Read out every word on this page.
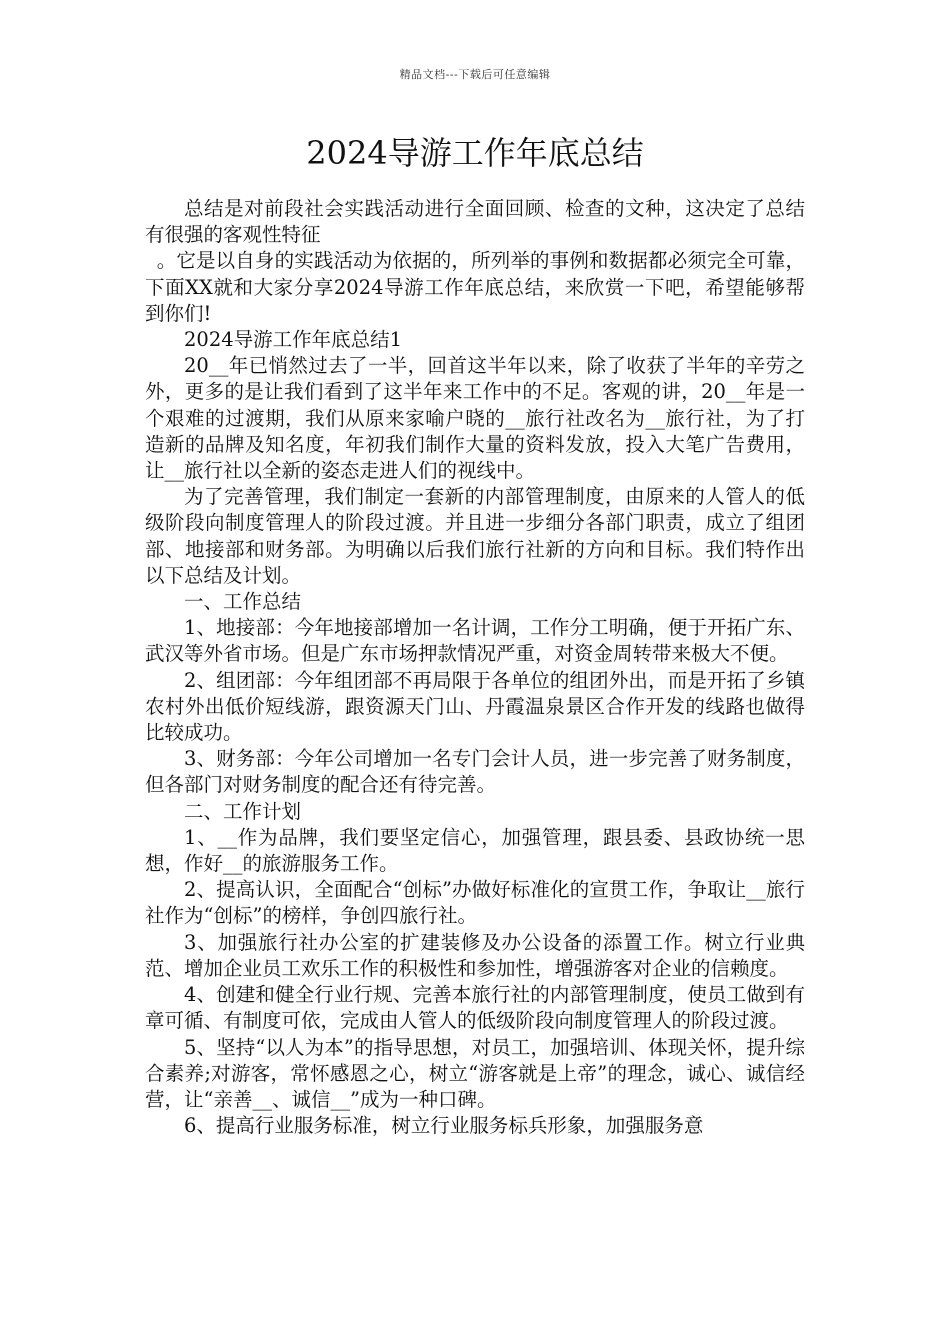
精品文档---下载后可任意编辑
2024导游工作年底总结

总结是对前段社会实践活动进行全面回顾、检查的文种，这决定了总结有很强的客观性特征

。它是以自身的实践活动为依据的，所列举的事例和数据都必须完全可靠，下面XX就和大家分享2024导游工作年底总结，来欣赏一下吧，希望能够帮到你们!

2024导游工作年底总结1

20__年已悄然过去了一半，回首这半年以来，除了收获了半年的辛劳之外，更多的是让我们看到了这半年来工作中的不足。客观的讲，20__年是一个艰难的过渡期，我们从原来家喻户晓的__旅行社改名为__旅行社，为了打造新的品牌及知名度，年初我们制作大量的资料发放，投入大笔广告费用，让__旅行社以全新的姿态走进人们的视线中。

为了完善管理，我们制定一套新的内部管理制度，由原来的人管人的低级阶段向制度管理人的阶段过渡。并且进一步细分各部门职责，成立了组团部、地接部和财务部。为明确以后我们旅行社新的方向和目标。我们特作出以下总结及计划。

一、工作总结

1、地接部：今年地接部增加一名计调，工作分工明确，便于开拓广东、武汉等外省市场。但是广东市场押款情况严重，对资金周转带来极大不便。

2、组团部：今年组团部不再局限于各单位的组团外出，而是开拓了乡镇农村外出低价短线游，跟资源天门山、丹霞温泉景区合作开发的线路也做得比较成功。

3、财务部：今年公司增加一名专门会计人员，进一步完善了财务制度，但各部门对财务制度的配合还有待完善。

二、工作计划

1、__作为品牌，我们要坚定信心，加强管理，跟县委、县政协统一思想，作好__的旅游服务工作。

2、提高认识，全面配合“创标”办做好标准化的宣贯工作，争取让__旅行社作为“创标”的榜样，争创四旅行社。

3、加强旅行社办公室的扩建装修及办公设备的添置工作。树立行业典范、增加企业员工欢乐工作的积极性和参加性，增强游客对企业的信赖度。

4、创建和健全行业行规、完善本旅行社的内部管理制度，使员工做到有章可循、有制度可依，完成由人管人的低级阶段向制度管理人的阶段过渡。

5、坚持“以人为本”的指导思想，对员工，加强培训、体现关怀，提升综合素养;对游客，常怀感恩之心，树立“游客就是上帝”的理念，诚心、诚信经营，让“亲善__、诚信__”成为一种口碑。

6、提高行业服务标准，树立行业服务标兵形象，加强服务意
